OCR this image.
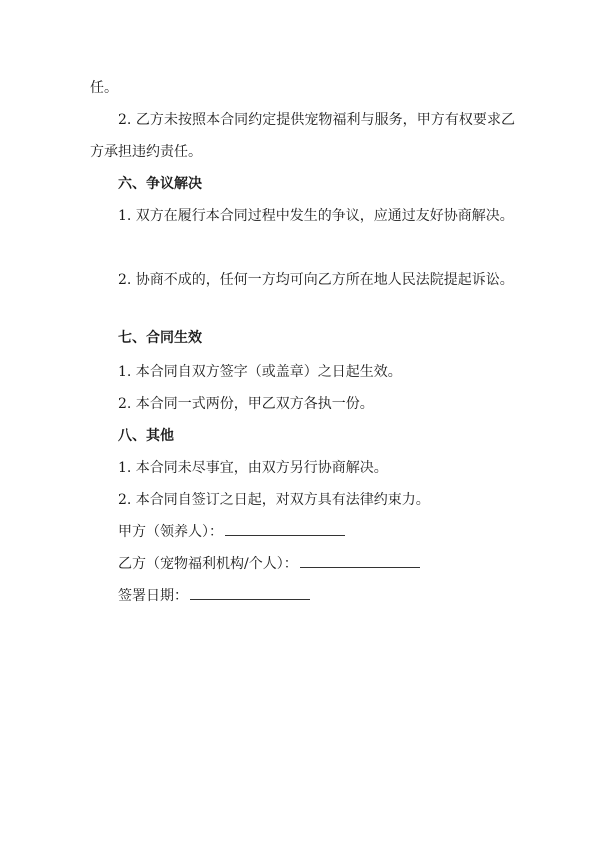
任。

2. 乙方未按照本合同约定提供宠物福利与服务，甲方有权要求乙方承担违约责任。

六、争议解决

1. 双方在履行本合同过程中发生的争议，应通过友好协商解决。

2. 协商不成的，任何一方均可向乙方所在地人民法院提起诉讼。

七、合同生效

1. 本合同自双方签字（或盖章）之日起生效。

2. 本合同一式两份，甲乙双方各执一份。

八、其他

1. 本合同未尽事宜，由双方另行协商解决。

2. 本合同自签订之日起，对双方具有法律约束力。

甲方（领养人）：

乙方（宠物福利机构/个人）：

签署日期：
